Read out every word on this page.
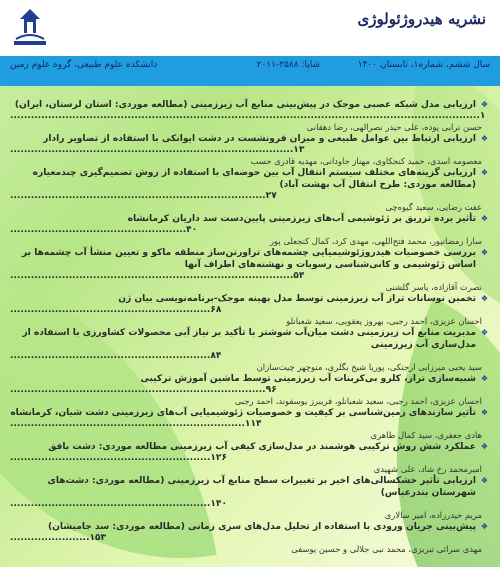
نشریه هیدروژئولوژی
سال ششم، شماره۱، تابستان ۱۴۰۰
شاپا: ۲۵۸۸-۲۰۱۱
دانشکده علوم طبیعی، گروه علوم زمین
❖
ارزیابی مدل شبکه عصبی موجک در پیش‌بینی منابع آب زیرزمینی (مطالعه موردی: استان لرستان، ایران)
........................................................................................................................................۱
حسن ترابی پوده، علی حیدر نصرالهی، رضا دهقانی
❖
ارزیابی ارتباط بین عوامل طبیعی و میزان فرونشست در دشت ایوانکی با استفاده از تصاویر رادار
..................................................................................۱۳
معصومه اسدی، حمید کنجکاوی، مهناز جاودانی، مهدیه قادری حسب
❖
ارزیابی گزینه‌های مختلف سیستم انتقال آب بین حوضه‌ای با استفاده از روش تصمیم‌گیری چندمعیاره (مطالعه موردی: طرح انتقال آب بهشت آباد)
..........................................................................۲۷
عفت رضایی، سعید گیوه‌چی
❖
تأثیر برده تزریق بر ژئوشیمی آب‌های زیرزمینی پایین‌دست سد داریان کرمانشاه
...................................................۴۰
سارا رمضانپور، محمد فتح‌اللهی، مهدی کرد، کمال کنجعلی پور
❖
بررسی خصوصیات هیدروژئوشیمیایی چشمه‌های تراورتن‌ساز منطقه ماکو و تعیین منشأ آب چشمه‌ها بر اساس ژئوشیمی و کانی‌شناسی رسوبات و نهشته‌های اطراف آنها
..................................................................................۵۴
نصرت آقازاده، یاسر گلشنی
❖
تخمین نوسانات تراز آب زیرزمینی توسط مدل بهینه موجک-برنامه‌نویسی بیان ژن
..........................................................۶۸
احسان عزیزی، احمد رجبی، بهروز یعقوبی، سعید شعبانلو
❖
مدیریت منابع آب زیرزمینی دشت میان‌آب شوشتر با تأکید بر نیاز آبی محصولات کشاورزی با استفاده از مدل‌سازی آب زیرزمینی
..........................................................۸۴
سید یحیی میرزایی ارجنکی، پوریا شیخ بگلری، منوچهر چیت‌سازان
❖
شبیه‌سازی تراز، کلرو بی‌کربنات آب زیرزمینی توسط ماشین آموزش ترکیبی
..........................................................................۹۶
احسان عزیزی، احمد رجبی، سعید شعبانلو، فریبرز یوسفوند، احمد رجبی
❖
تأثیر سازندهای زمین‌شناسی بر کیفیت و خصوصیات ژئوشیمیایی آب‌های زیرزمینی دشت شیان، کرمانشاه
....................................................................۱۱۴
هادی جعفری، سید کمال طاهری
❖
عملکرد شش روش ترکیبی هوشمند در مدل‌سازی کیفی آب زیرزمینی مطالعه موردی: دشت بافق
..........................................................۱۲۶
امیرمحمد رخ شاد، علی شهیدی
❖
ارزیابی تأثیر خشکسالی‌های اخیر بر تغییرات سطح منابع آب زیرزمینی (مطالعه موردی: دشت‌های شهرستان بندرعباس)
..........................................................۱۴۰
مریم حیدرزاده، امیر سالاری
❖
پیش‌بینی جریان ورودی با استفاده از تحلیل مدل‌های سری زمانی (مطالعه موردی: سد جامیشان)
.......................۱۵۳
مهدی سرائی تبریزی، محمد نبی جلالی و حسین یوسفی
